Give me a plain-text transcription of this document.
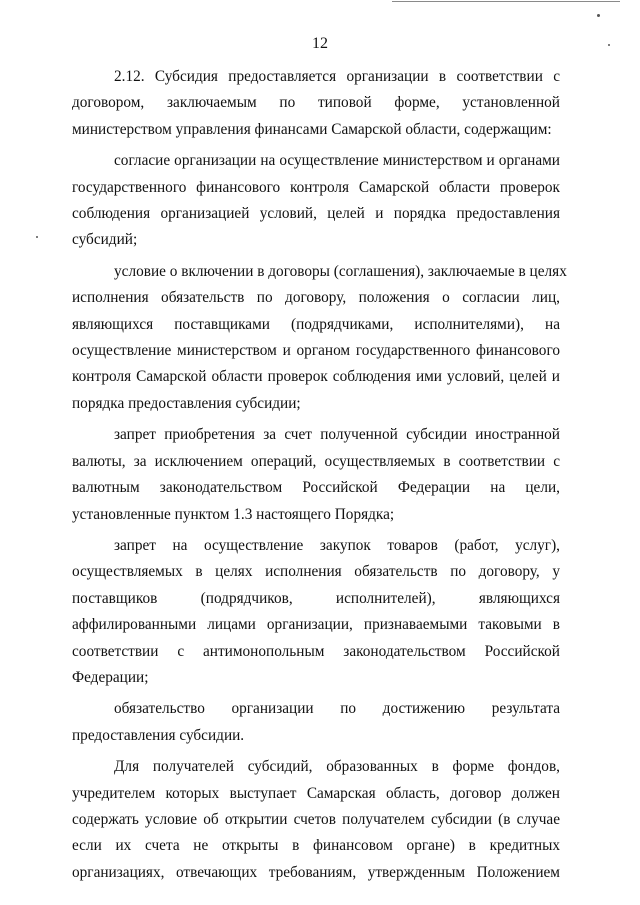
12
2.12. Субсидия предоставляется организации в соответствии с
договором, заключаемым по типовой форме, установленной
министерством управления финансами Самарской области, содержащим:
согласие организации на осуществление министерством и органами
государственного финансового контроля Самарской области проверок
соблюдения организацией условий, целей и порядка предоставления
субсидий;
условие о включении в договоры (соглашения), заключаемые в целях
исполнения обязательств по договору, положения о согласии лиц,
являющихся поставщиками (подрядчиками, исполнителями), на
осуществление министерством и органом государственного финансового
контроля Самарской области проверок соблюдения ими условий, целей и
порядка предоставления субсидии;
запрет приобретения за счет полученной субсидии иностранной
валюты, за исключением операций, осуществляемых в соответствии с
валютным законодательством Российской Федерации на цели,
установленные пунктом 1.3 настоящего Порядка;
запрет на осуществление закупок товаров (работ, услуг),
осуществляемых в целях исполнения обязательств по договору, у
поставщиков (подрядчиков, исполнителей), являющихся
аффилированными лицами организации, признаваемыми таковыми в
соответствии с антимонопольным законодательством Российской
Федерации;
обязательство организации по достижению результата
предоставления субсидии.
Для получателей субсидий, образованных в форме фондов,
учредителем которых выступает Самарская область, договор должен
содержать условие об открытии счетов получателем субсидии (в случае
если их счета не открыты в финансовом органе) в кредитных
организациях, отвечающих требованиям, утвержденным Положением
